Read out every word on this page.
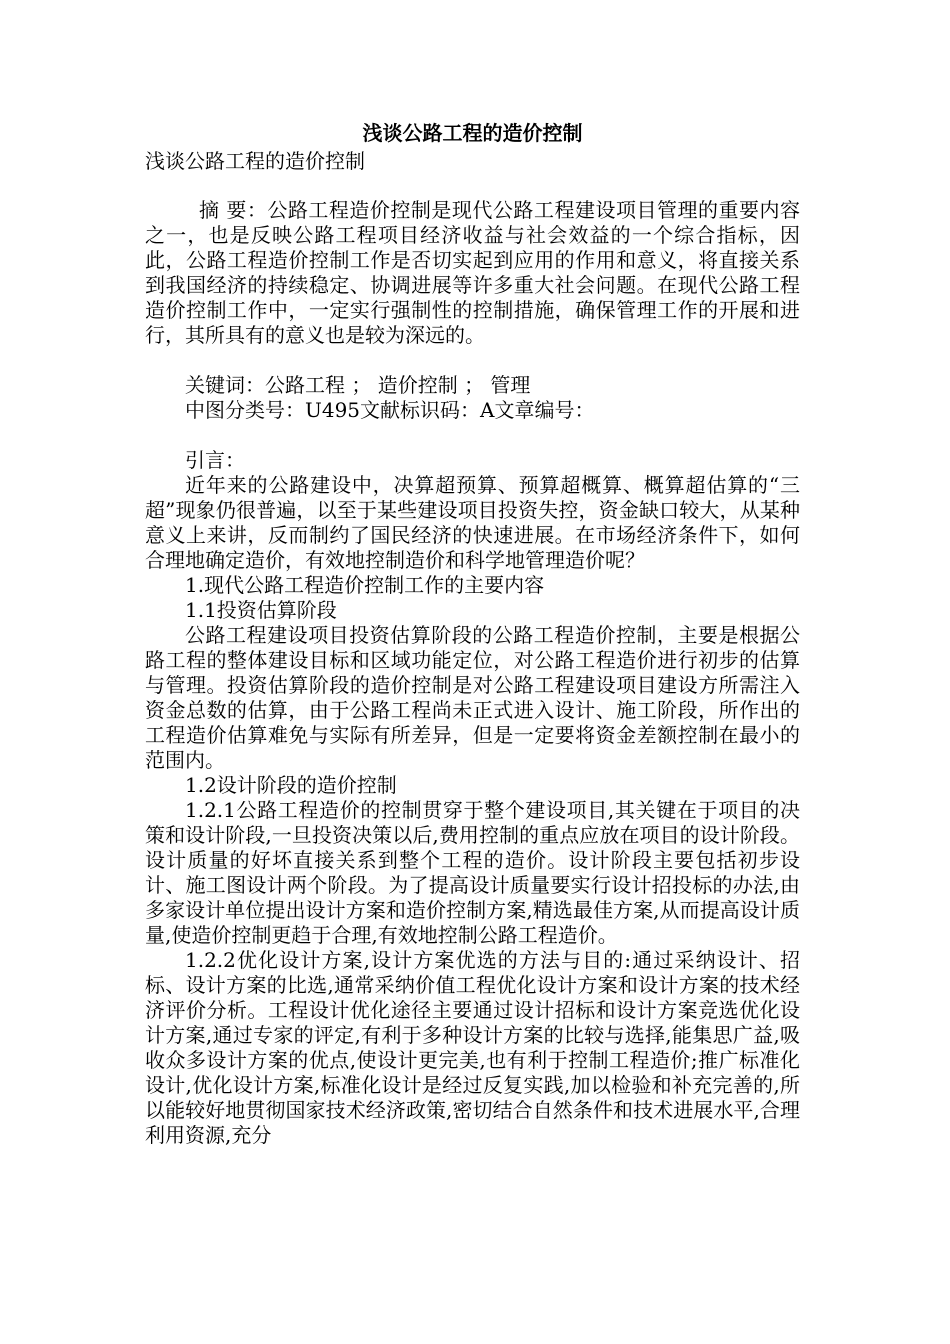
浅谈公路工程的造价控制

浅谈公路工程的造价控制

摘 要：公路工程造价控制是现代公路工程建设项目管理的重要内容之一，也是反映公路工程项目经济收益与社会效益的一个综合指标，因此，公路工程造价控制工作是否切实起到应用的作用和意义，将直接关系到我国经济的持续稳定、协调进展等许多重大社会问题。在现代公路工程造价控制工作中，一定实行强制性的控制措施，确保管理工作的开展和进行，其所具有的意义也是较为深远的。

关键词：公路工程 ； 造价控制 ； 管理

中图分类号：U495文献标识码：A文章编号：

引言：

近年来的公路建设中，决算超预算、预算超概算、概算超估算的“三超”现象仍很普遍，以至于某些建设项目投资失控，资金缺口较大，从某种意义上来讲，反而制约了国民经济的快速进展。在市场经济条件下，如何合理地确定造价，有效地控制造价和科学地管理造价呢？

1.现代公路工程造价控制工作的主要内容

1.1投资估算阶段

公路工程建设项目投资估算阶段的公路工程造价控制，主要是根据公路工程的整体建设目标和区域功能定位，对公路工程造价进行初步的估算与管理。投资估算阶段的造价控制是对公路工程建设项目建设方所需注入资金总数的估算，由于公路工程尚未正式进入设计、施工阶段，所作出的工程造价估算难免与实际有所差异，但是一定要将资金差额控制在最小的范围内。

1.2设计阶段的造价控制

1.2.1公路工程造价的控制贯穿于整个建设项目,其关键在于项目的决策和设计阶段,一旦投资决策以后,费用控制的重点应放在项目的设计阶段。设计质量的好坏直接关系到整个工程的造价。设计阶段主要包括初步设计、施工图设计两个阶段。为了提高设计质量要实行设计招投标的办法,由多家设计单位提出设计方案和造价控制方案,精选最佳方案,从而提高设计质量,使造价控制更趋于合理,有效地控制公路工程造价。

1.2.2优化设计方案,设计方案优选的方法与目的:通过采纳设计、招标、设计方案的比选,通常采纳价值工程优化设计方案和设计方案的技术经济评价分析。工程设计优化途径主要通过设计招标和设计方案竞选优化设计方案,通过专家的评定,有利于多种设计方案的比较与选择,能集思广益,吸收众多设计方案的优点,使设计更完美,也有利于控制工程造价;推广标准化设计,优化设计方案,标准化设计是经过反复实践,加以检验和补充完善的,所以能较好地贯彻国家技术经济政策,密切结合自然条件和技术进展水平,合理利用资源,充分
